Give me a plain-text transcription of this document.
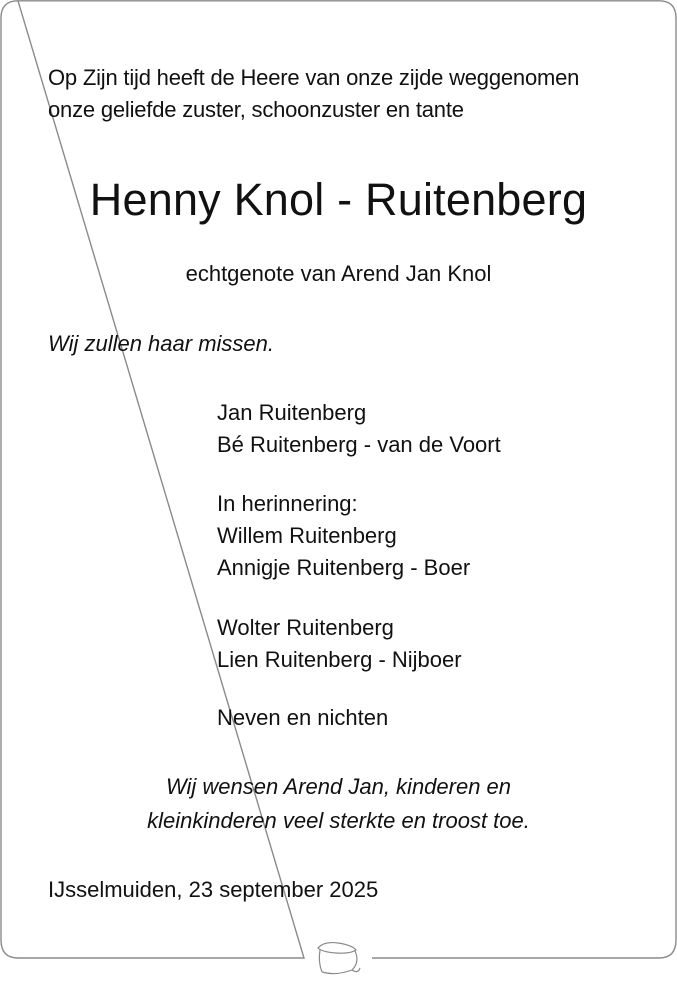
Op Zijn tijd heeft de Heere van onze zijde weggenomen
onze geliefde zuster, schoonzuster en tante
Henny Knol - Ruitenberg
echtgenote van Arend Jan Knol
Wij zullen haar missen.
Jan Ruitenberg
Bé Ruitenberg - van de Voort
In herinnering:
Willem Ruitenberg
Annigje Ruitenberg - Boer
Wolter Ruitenberg
Lien Ruitenberg - Nijboer
Neven en nichten
Wij wensen Arend Jan, kinderen en
kleinkinderen veel sterkte en troost toe.
IJsselmuiden, 23 september 2025
